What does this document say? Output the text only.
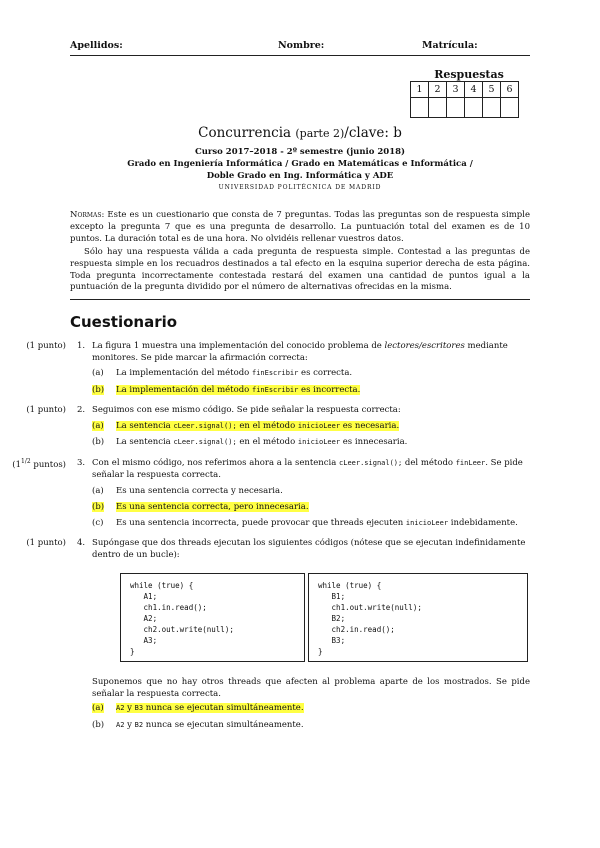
Apellidos:	Nombre:	Matrícula:
Respuestas
1	2	3	4	5	6

Concurrencia (parte 2)/clave: b
Curso 2017–2018 - 2º semestre (junio 2018)
Grado en Ingeniería Informática / Grado en Matemáticas e Informática /
Doble Grado en Ing. Informática y ADE
UNIVERSIDAD POLITÉCNICA DE MADRID
Normas: Este es un cuestionario que consta de 7 preguntas. Todas las preguntas son de respuesta simple excepto la pregunta 7 que es una pregunta de desarrollo. La puntuación total del examen es de 10 puntos. La duración total es de una hora. No olvidéis rellenar vuestros datos.
Sólo hay una respuesta válida a cada pregunta de respuesta simple. Contestad a las preguntas de respuesta simple en los recuadros destinados a tal efecto en la esquina superior derecha de esta página. Toda pregunta incorrectamente contestada restará del examen una cantidad de puntos igual a la puntuación de la pregunta dividido por el número de alternativas ofrecidas en la misma.
Cuestionario
(1 punto) 1. La figura 1 muestra una implementación del conocido problema de lectores/escritores mediante monitores. Se pide marcar la afirmación correcta:
(a) La implementación del método finEscribir es correcta.
(b) La implementación del método finEscribir es incorrecta.
(1 punto) 2. Seguimos con ese mismo código. Se pide señalar la respuesta correcta:
(a) La sentencia cLeer.signal(); en el método inicioLeer es necesaria.
(b) La sentencia cLeer.signal(); en el método inicioLeer es innecesaria.
($1^{1/2}$ puntos) 3. Con el mismo código, nos referimos ahora a la sentencia cLeer.signal(); del método finLeer. Se pide señalar la respuesta correcta.
(a) Es una sentencia correcta y necesaria.
(b) Es una sentencia correcta, pero innecesaria.
(c) Es una sentencia incorrecta, puede provocar que threads ejecuten inicioLeer indebidamente.
(1 punto) 4. Supóngase que dos threads ejecutan los siguientes códigos (nótese que se ejecutan indefinidamente dentro de un bucle):
while (true) {
A1;
ch1.in.read();
A2;
ch2.out.write(null);
A3;
}
while (true) {
B1;
ch1.out.write(null);
B2;
ch2.in.read();
B3;
}
Suponemos que no hay otros threads que afecten al problema aparte de los mostrados. Se pide señalar la respuesta correcta.
(a) A2 y B3 nunca se ejecutan simultáneamente.
(b) A2 y B2 nunca se ejecutan simultáneamente.
